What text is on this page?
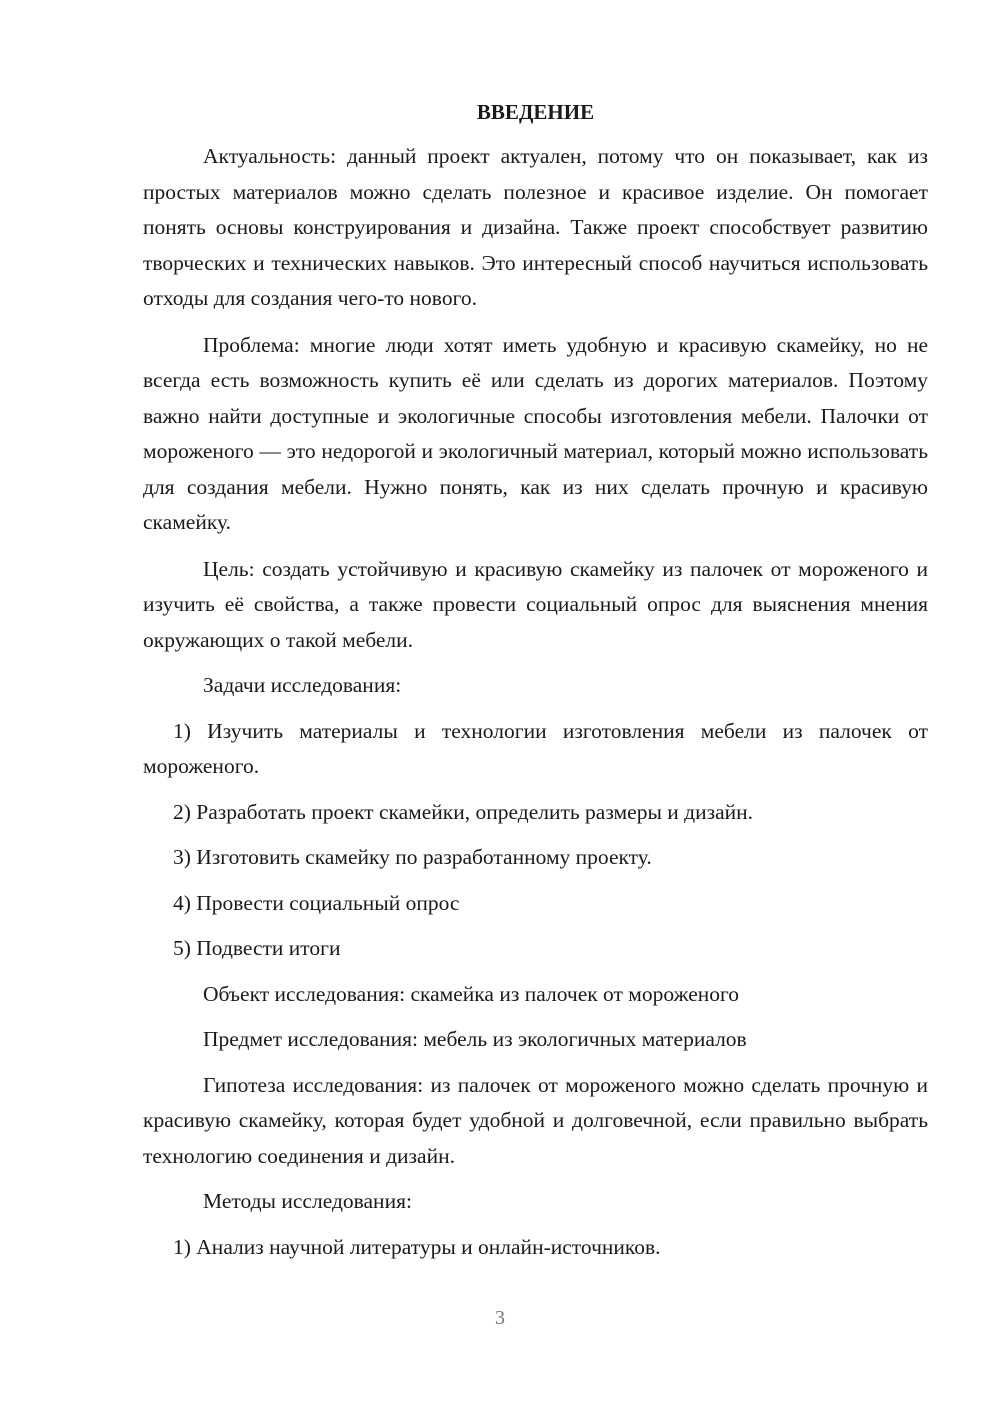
ВВЕДЕНИЕ

Актуальность: данный проект актуален, потому что он показывает, как из простых материалов можно сделать полезное и красивое изделие. Он помогает понять основы конструирования и дизайна. Также проект способствует развитию творческих и технических навыков. Это интересный способ научиться использовать отходы для создания чего-то нового.

Проблема: многие люди хотят иметь удобную и красивую скамейку, но не всегда есть возможность купить её или сделать из дорогих материалов. Поэтому важно найти доступные и экологичные способы изготовления мебели. Палочки от мороженого — это недорогой и экологичный материал, который можно использовать для создания мебели. Нужно понять, как из них сделать прочную и красивую скамейку.

Цель: создать устойчивую и красивую скамейку из палочек от мороженого и изучить её свойства, а также провести социальный опрос для выяснения мнения окружающих о такой мебели.

Задачи исследования:

1) Изучить материалы и технологии изготовления мебели из палочек от мороженого.

2) Разработать проект скамейки, определить размеры и дизайн.

3) Изготовить скамейку по разработанному проекту.

4) Провести социальный опрос

5) Подвести итоги

Объект исследования: скамейка из палочек от мороженого

Предмет исследования: мебель из экологичных материалов

Гипотеза исследования: из палочек от мороженого можно сделать прочную и красивую скамейку, которая будет удобной и долговечной, если правильно выбрать технологию соединения и дизайн.

Методы исследования:

1) Анализ научной литературы и онлайн-источников.

3
